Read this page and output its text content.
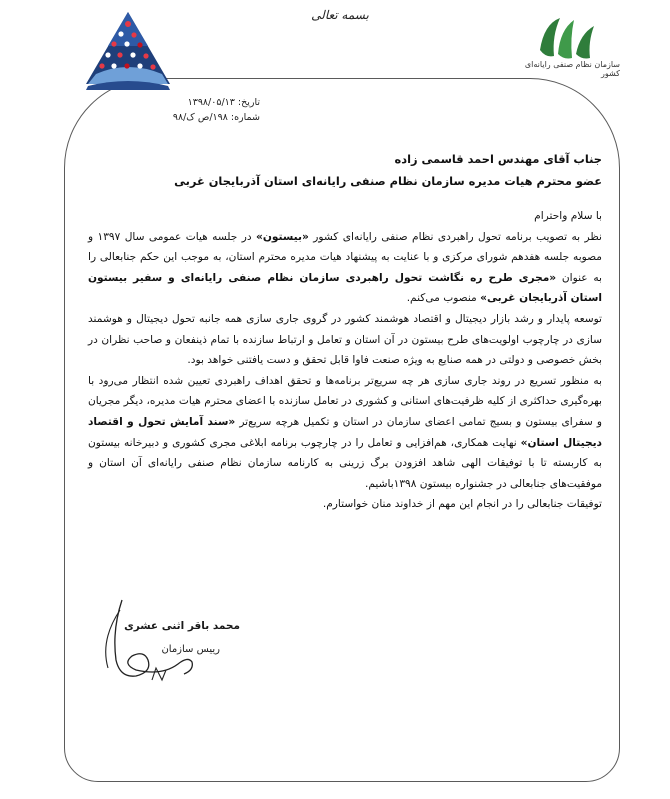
بسمه تعالی
سازمان نظام صنفی رایانه‌ای کشور
تاریخ: ۱۳۹۸/۰۵/۱۳
شماره: ۱۹۸/ص ک/۹۸

جناب آقای مهندس احمد قاسمی زاده

عضو محترم هیات مدیره سازمان نظام صنفی رایانه‌ای استان آذربایجان غربی

با سلام واحترام

نظر به تصویب برنامه تحول راهبردی نظام صنفی رایانه‌ای کشور «بیستون» در جلسه هیات عمومی سال ۱۳۹۷ و مصوبه جلسه هفدهم شورای مرکزی و با عنایت به پیشنهاد هیات مدیره محترم استان، به موجب این حکم جنابعالی را به عنوان «مجری طرح ره نگاشت تحول راهبردی سازمان نظام صنفی رایانه‌ای و سفیر بیستون استان آذربایجان غربی» منصوب می‌کنم.

توسعه پایدار و رشد بازار دیجیتال و اقتصاد هوشمند کشور در گروی جاری سازی همه جانبه تحول دیجیتال و هوشمند سازی در چارچوب اولویت‌های طرح بیستون در آن استان و تعامل و ارتباط سازنده با تمام ذینفعان و صاحب نظران در بخش خصوصی و دولتی در همه صنایع به ویژه صنعت فاوا قابل تحقق و دست یافتنی خواهد بود.

به منظور تسریع در روند جاری سازی هر چه سریع‌تر برنامه‌ها و تحقق اهداف راهبردی تعیین شده انتظار می‌رود با بهره‌گیری حداکثری از کلیه ظرفیت‌های استانی و کشوری در تعامل سازنده با اعضای محترم هیات مدیره، دیگر مجریان و سفرای بیستون و بسیج تمامی اعضای سازمان در استان و تکمیل هرچه سریع‌تر «سند آمایش تحول و اقتصاد دیجیتال استان» نهایت همکاری، هم‌افزایی و تعامل را در چارچوب برنامه ابلاغی مجری کشوری و دبیرخانه بیستون به کاربسته تا با توفیقات الهی شاهد افزودن برگ زرینی به کارنامه سازمان نظام صنفی رایانه‌ای آن استان و موفقیت‌های جنابعالی در جشنواره بیستون ۱۳۹۸باشیم.

توفیقات جنابعالی را در انجام این مهم از خداوند منان خواستارم.

محمد باقر اثنی عشری
رییس سازمان
